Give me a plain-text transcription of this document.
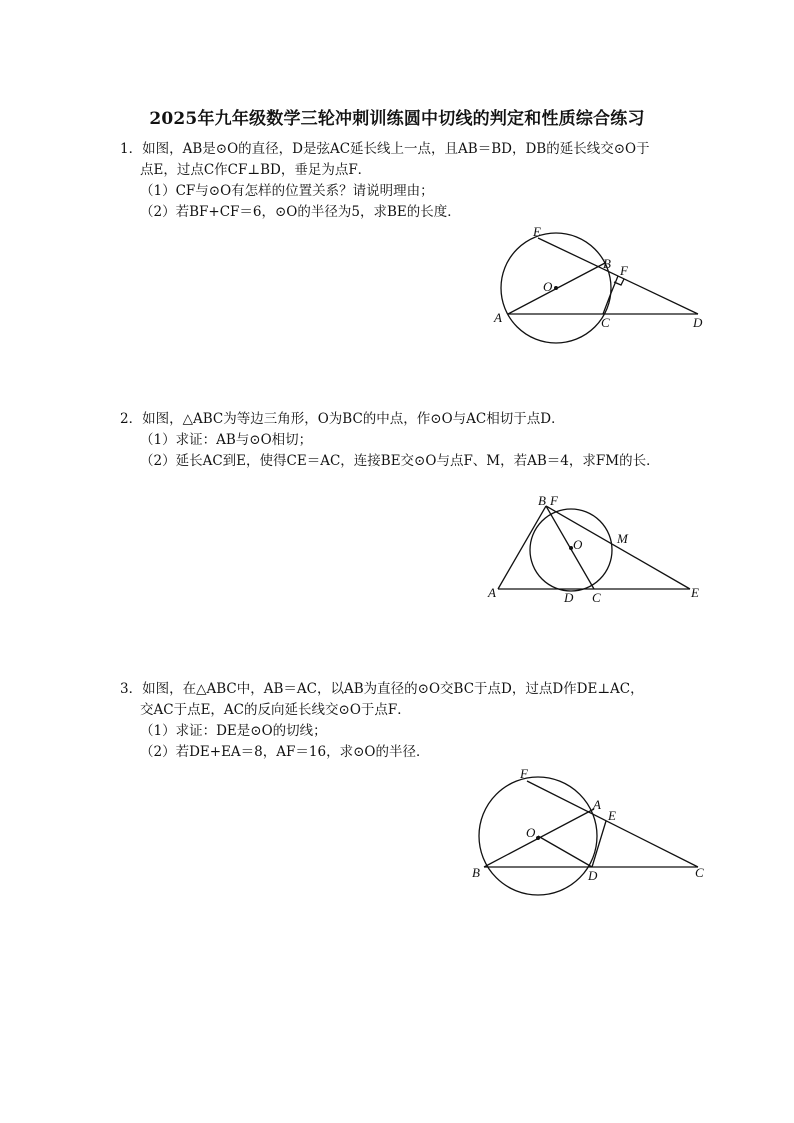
2025年九年级数学三轮冲刺训练圆中切线的判定和性质综合练习
1．如图，AB是⊙O的直径，D是弦AC延长线上一点，且AB＝BD，DB的延长线交⊙O于
点E，过点C作CF⊥BD，垂足为点F．
（1）CF与⊙O有怎样的位置关系？请说明理由；
（2）若BF+CF＝6，⊙O的半径为5，求BE的长度．
E
B F
O
A	C	D
2．如图，△ABC为等边三角形，O为BC的中点，作⊙O与AC相切于点D．
（1）求证：AB与⊙O相切；
（2）延长AC到E，使得CE＝AC，连接BE交⊙O与点F、M，若AB＝4，求FM的长．
B F
O	M
A	D C	E
3．如图，在△ABC中，AB＝AC，以AB为直径的⊙O交BC于点D，过点D作DE⊥AC，
交AC于点E，AC的反向延长线交⊙O于点F．
（1）求证：DE是⊙O的切线；
（2）若DE+EA＝8，AF＝16，求⊙O的半径．
F
A
E
O
B	D	C
